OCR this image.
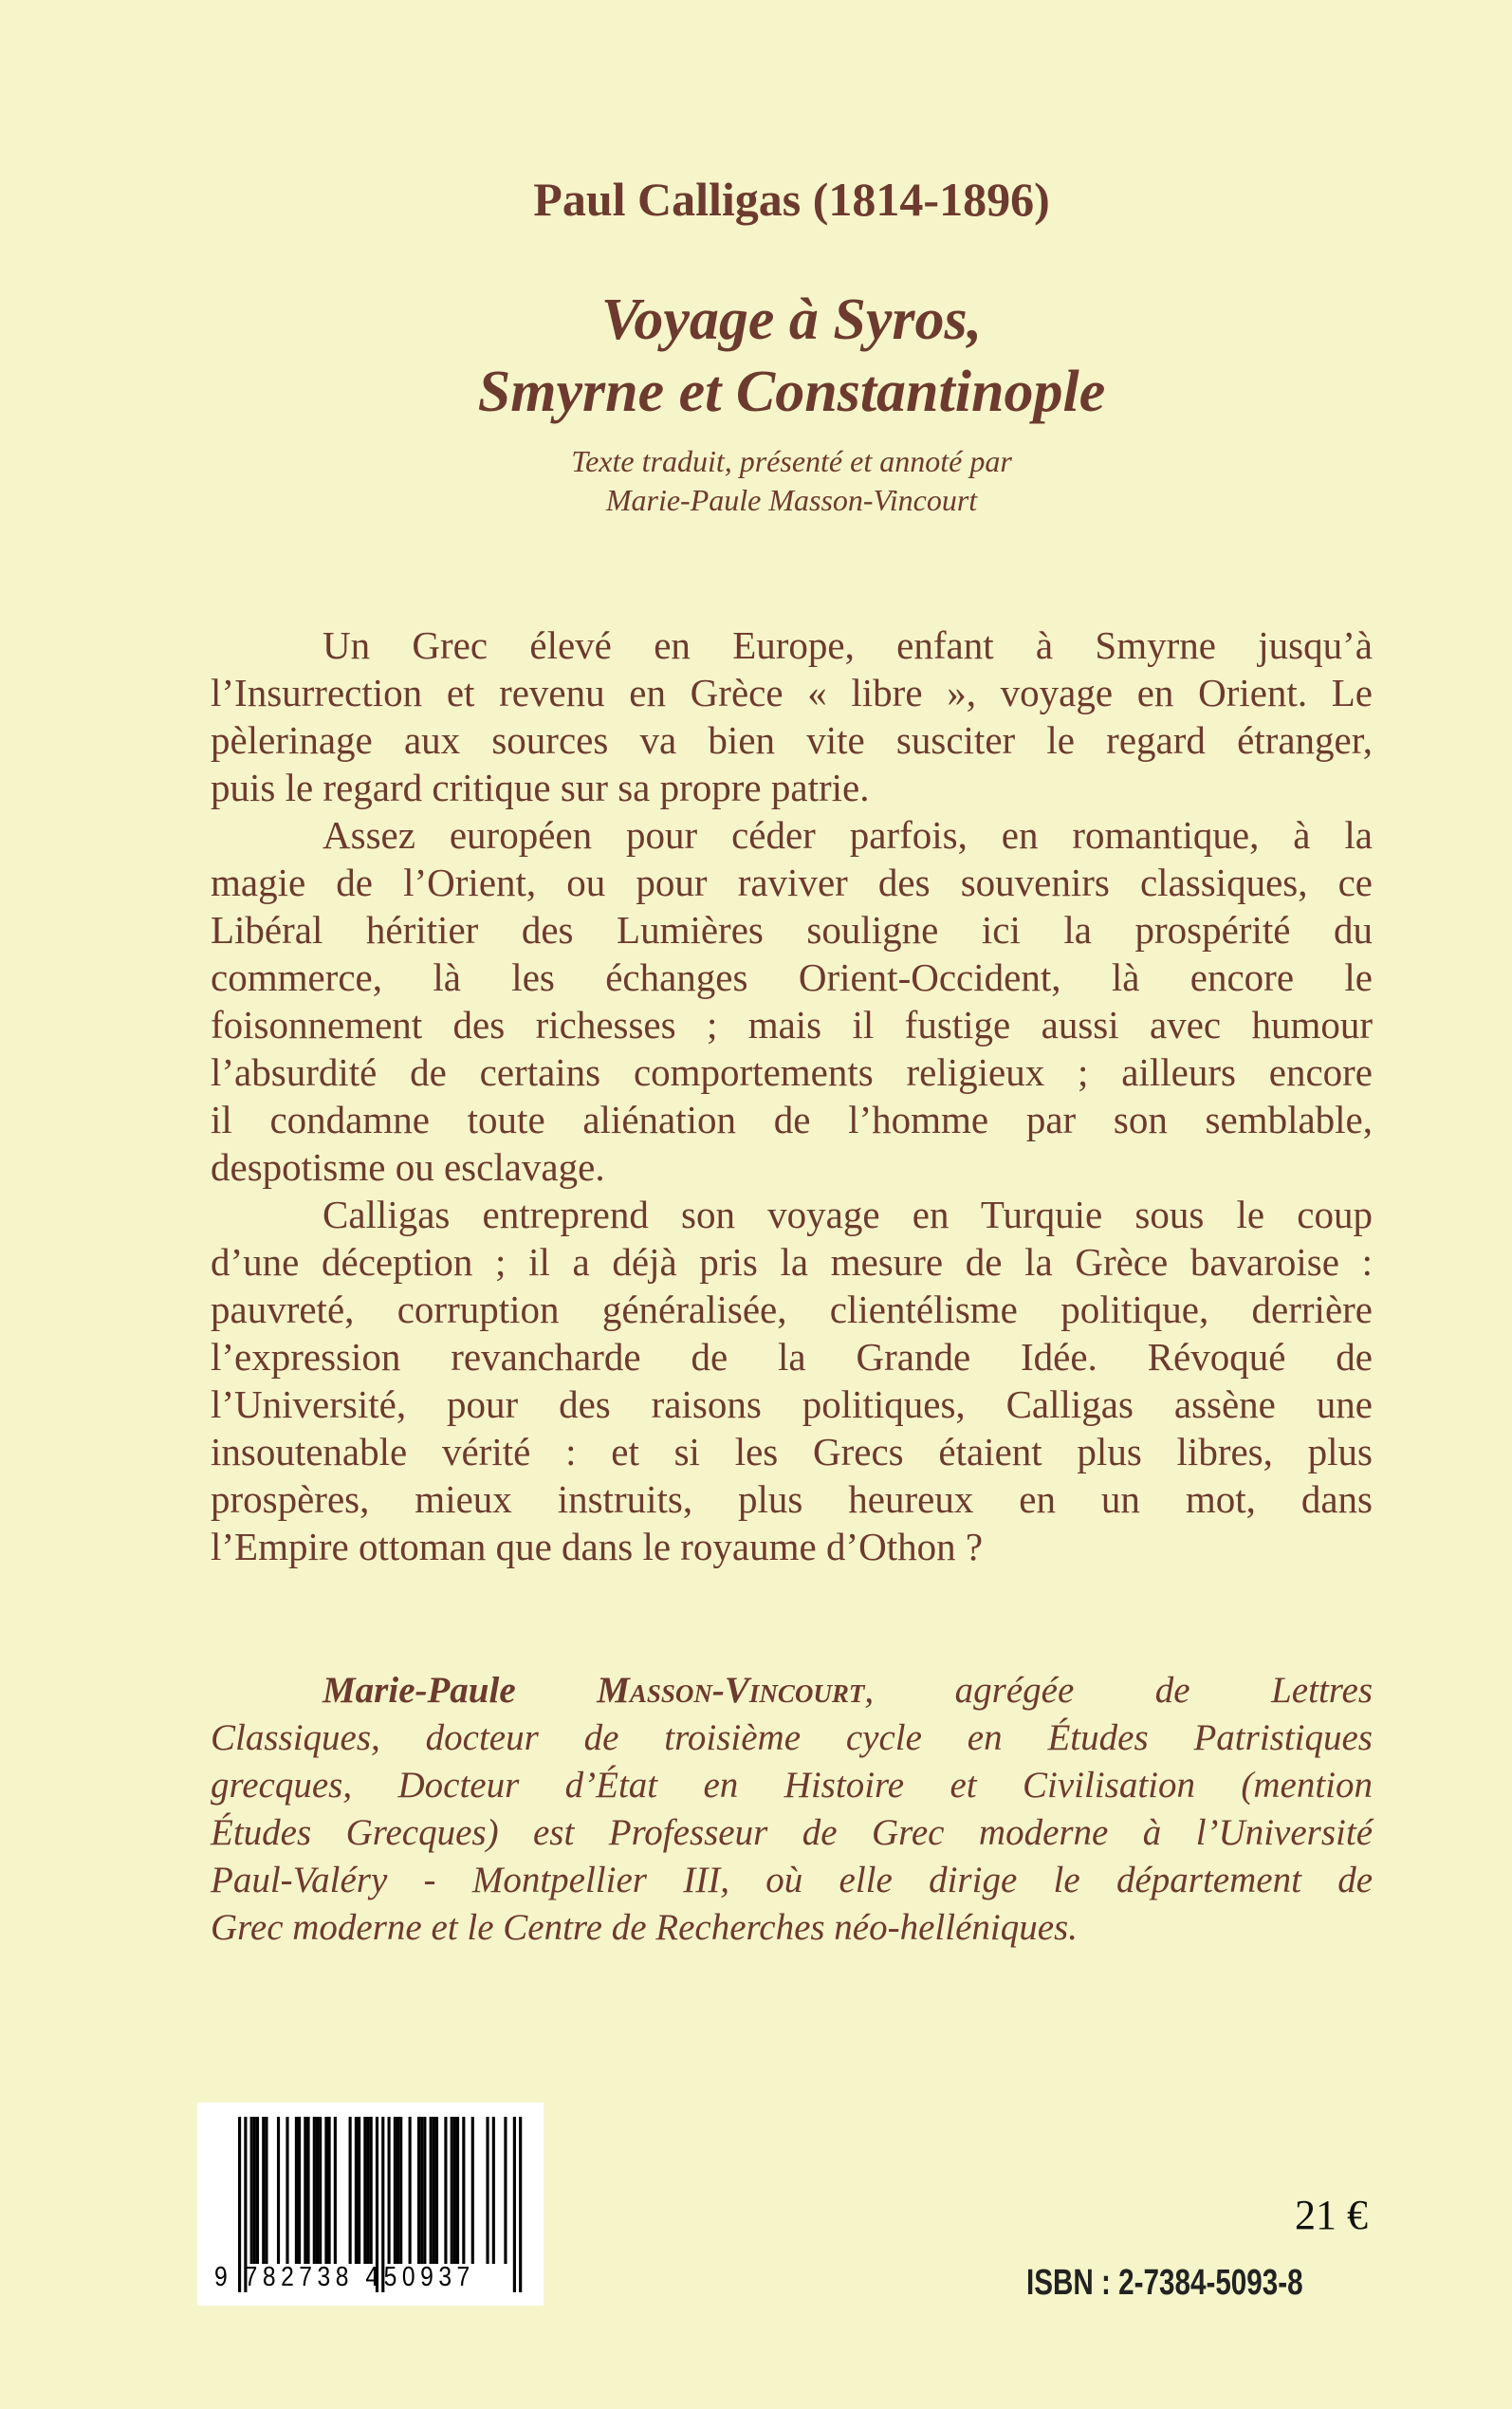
Paul Calligas (1814-1896)
Voyage à Syros,
Smyrne et Constantinople
Texte traduit, présenté et annoté par
Marie-Paule Masson-Vincourt
Un Grec élevé en Europe, enfant à Smyrne jusqu’à
l’Insurrection et revenu en Grèce « libre », voyage en Orient. Le
pèlerinage aux sources va bien vite susciter le regard étranger,
puis le regard critique sur sa propre patrie.
Assez européen pour céder parfois, en romantique, à la
magie de l’Orient, ou pour raviver des souvenirs classiques, ce
Libéral héritier des Lumières souligne ici la prospérité du
commerce, là les échanges Orient-Occident, là encore le
foisonnement des richesses ; mais il fustige aussi avec humour
l’absurdité de certains comportements religieux ; ailleurs encore
il condamne toute aliénation de l’homme par son semblable,
despotisme ou esclavage.
Calligas entreprend son voyage en Turquie sous le coup
d’une déception ; il a déjà pris la mesure de la Grèce bavaroise :
pauvreté, corruption généralisée, clientélisme politique, derrière
l’expression revancharde de la Grande Idée. Révoqué de
l’Université, pour des raisons politiques, Calligas assène une
insoutenable vérité : et si les Grecs étaient plus libres, plus
prospères, mieux instruits, plus heureux en un mot, dans
l’Empire ottoman que dans le royaume d’Othon ?
Marie-Paule Masson-Vincourt, agrégée de Lettres
Classiques, docteur de troisième cycle en Études Patristiques
grecques, Docteur d’État en Histoire et Civilisation (mention
Études Grecques) est Professeur de Grec moderne à l’Université
Paul-Valéry - Montpellier III, où elle dirige le département de
Grec moderne et le Centre de Recherches néo-helléniques.
9 782738 450937
21 €
ISBN : 2-7384-5093-8
